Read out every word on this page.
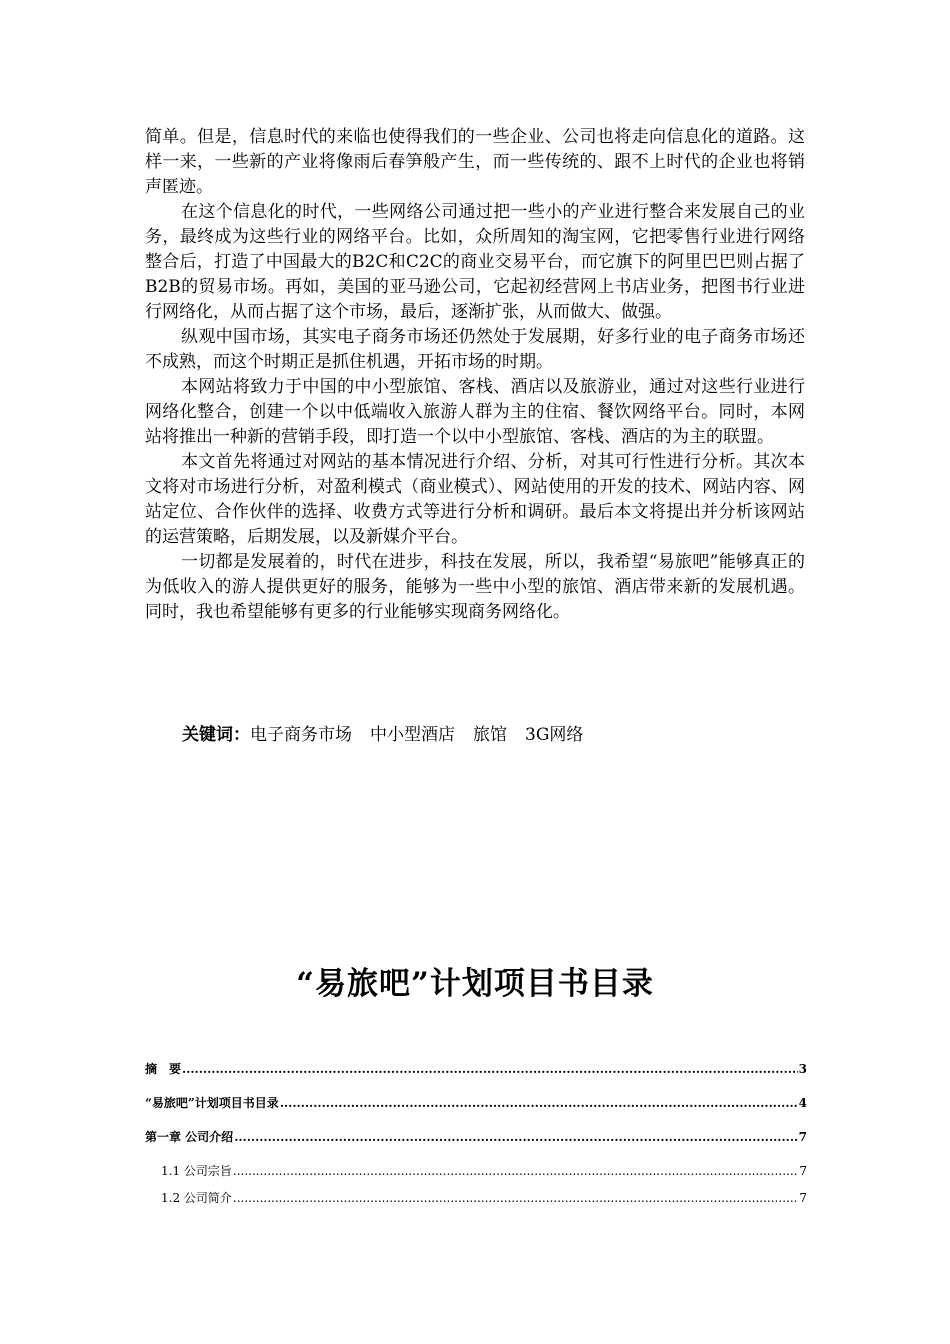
简单。但是，信息时代的来临也使得我们的一些企业、公司也将走向信息化的道路。这样一来，一些新的产业将像雨后春笋般产生，而一些传统的、跟不上时代的企业也将销声匿迹。

在这个信息化的时代，一些网络公司通过把一些小的产业进行整合来发展自己的业务，最终成为这些行业的网络平台。比如，众所周知的淘宝网，它把零售行业进行网络整合后，打造了中国最大的B2C和C2C的商业交易平台，而它旗下的阿里巴巴则占据了B2B的贸易市场。再如，美国的亚马逊公司，它起初经营网上书店业务，把图书行业进行网络化，从而占据了这个市场，最后，逐渐扩张，从而做大、做强。

纵观中国市场，其实电子商务市场还仍然处于发展期，好多行业的电子商务市场还不成熟，而这个时期正是抓住机遇，开拓市场的时期。

本网站将致力于中国的中小型旅馆、客栈、酒店以及旅游业，通过对这些行业进行网络化整合，创建一个以中低端收入旅游人群为主的住宿、餐饮网络平台。同时，本网站将推出一种新的营销手段，即打造一个以中小型旅馆、客栈、酒店的为主的联盟。

本文首先将通过对网站的基本情况进行介绍、分析，对其可行性进行分析。其次本文将对市场进行分析，对盈利模式（商业模式）、网站使用的开发的技术、网站内容、网站定位、合作伙伴的选择、收费方式等进行分析和调研。最后本文将提出并分析该网站的运营策略，后期发展，以及新媒介平台。

一切都是发展着的，时代在进步，科技在发展，所以，我希望“易旅吧”能够真正的为低收入的游人提供更好的服务，能够为一些中小型的旅馆、酒店带来新的发展机遇。同时，我也希望能够有更多的行业能够实现商务网络化。

关键词：电子商务市场 中小型酒店 旅馆 3G网络
“易旅吧”计划项目书目录
摘　要 .....	3
“易旅吧”计划项目书目录 .....	4
第一章 公司介绍 .....	7
1.1 公司宗旨 .....	7
1.2 公司简介 .....	7
